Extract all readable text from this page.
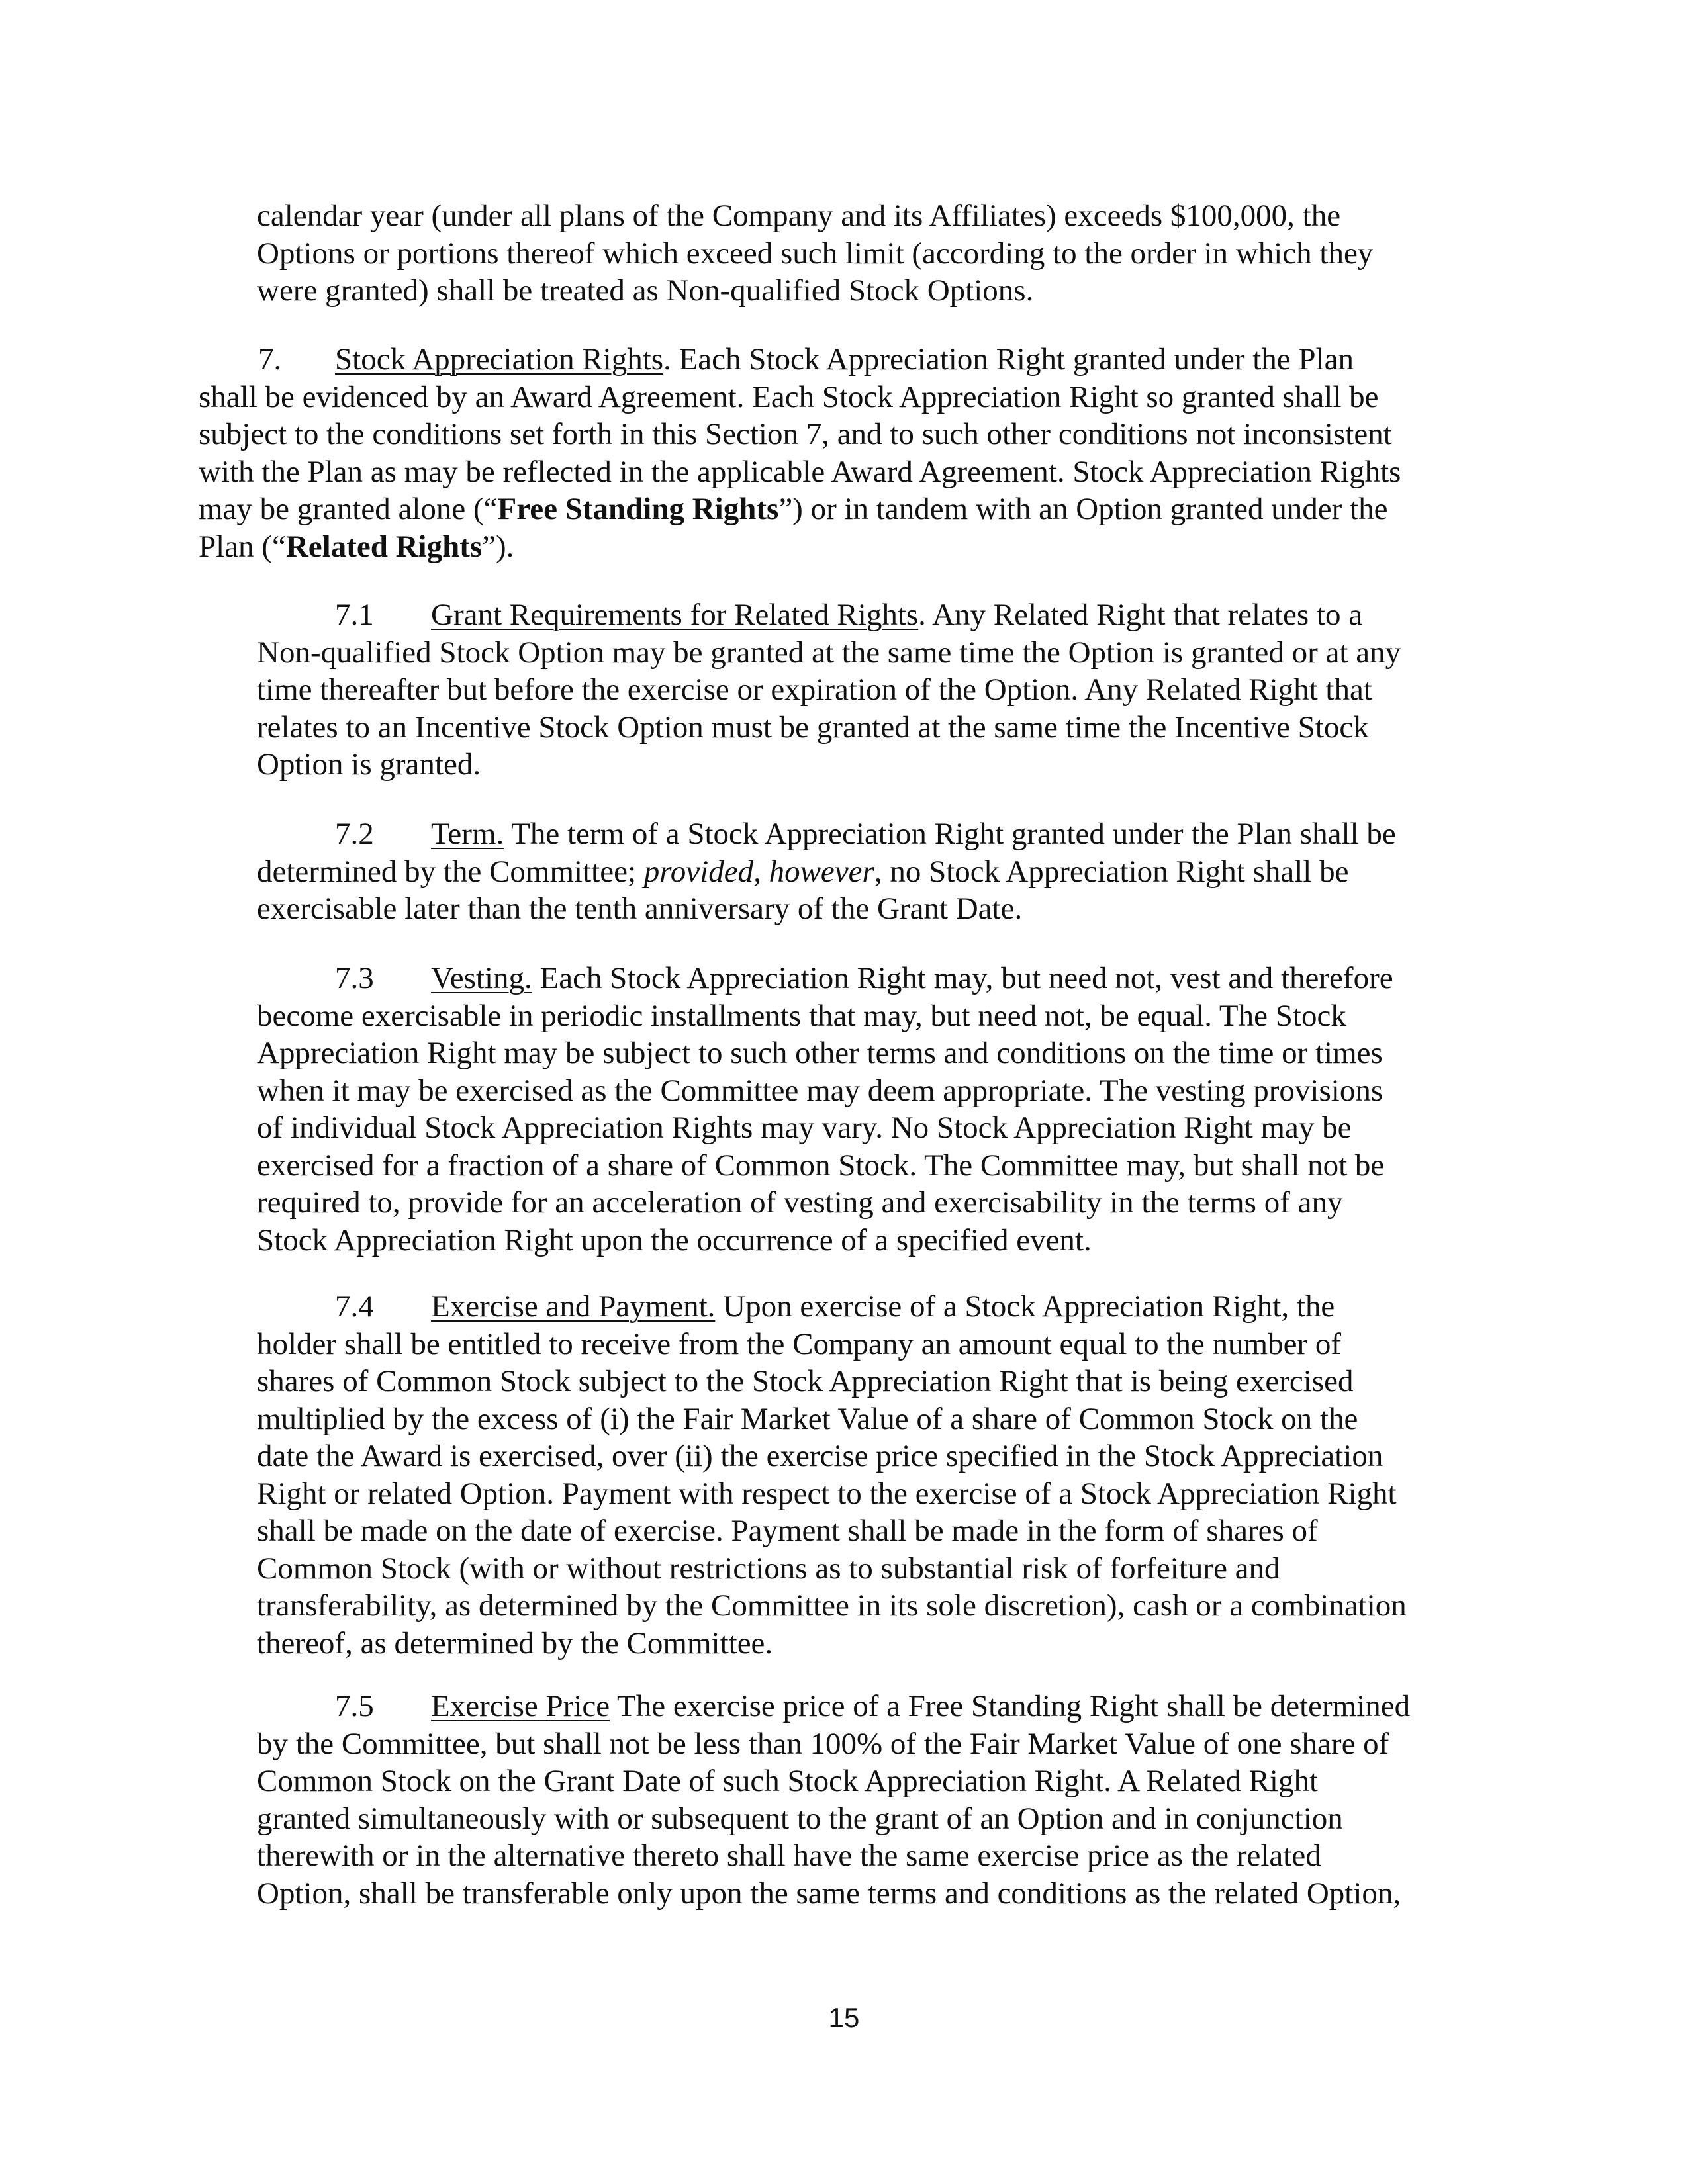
calendar year (under all plans of the Company and its Affiliates) exceeds $100,000, the
Options or portions thereof which exceed such limit (according to the order in which they
were granted) shall be treated as Non-qualified Stock Options.
7. Stock Appreciation Rights. Each Stock Appreciation Right granted under the Plan
shall be evidenced by an Award Agreement. Each Stock Appreciation Right so granted shall be
subject to the conditions set forth in this Section 7, and to such other conditions not inconsistent
with the Plan as may be reflected in the applicable Award Agreement. Stock Appreciation Rights
may be granted alone (“Free Standing Rights”) or in tandem with an Option granted under the
Plan (“Related Rights”).
7.1 Grant Requirements for Related Rights. Any Related Right that relates to a
Non-qualified Stock Option may be granted at the same time the Option is granted or at any
time thereafter but before the exercise or expiration of the Option. Any Related Right that
relates to an Incentive Stock Option must be granted at the same time the Incentive Stock
Option is granted.
7.2 Term. The term of a Stock Appreciation Right granted under the Plan shall be
determined by the Committee; provided, however, no Stock Appreciation Right shall be
exercisable later than the tenth anniversary of the Grant Date.
7.3 Vesting. Each Stock Appreciation Right may, but need not, vest and therefore
become exercisable in periodic installments that may, but need not, be equal. The Stock
Appreciation Right may be subject to such other terms and conditions on the time or times
when it may be exercised as the Committee may deem appropriate. The vesting provisions
of individual Stock Appreciation Rights may vary. No Stock Appreciation Right may be
exercised for a fraction of a share of Common Stock. The Committee may, but shall not be
required to, provide for an acceleration of vesting and exercisability in the terms of any
Stock Appreciation Right upon the occurrence of a specified event.
7.4 Exercise and Payment. Upon exercise of a Stock Appreciation Right, the
holder shall be entitled to receive from the Company an amount equal to the number of
shares of Common Stock subject to the Stock Appreciation Right that is being exercised
multiplied by the excess of (i) the Fair Market Value of a share of Common Stock on the
date the Award is exercised, over (ii) the exercise price specified in the Stock Appreciation
Right or related Option. Payment with respect to the exercise of a Stock Appreciation Right
shall be made on the date of exercise. Payment shall be made in the form of shares of
Common Stock (with or without restrictions as to substantial risk of forfeiture and
transferability, as determined by the Committee in its sole discretion), cash or a combination
thereof, as determined by the Committee.
7.5 Exercise Price The exercise price of a Free Standing Right shall be determined
by the Committee, but shall not be less than 100% of the Fair Market Value of one share of
Common Stock on the Grant Date of such Stock Appreciation Right. A Related Right
granted simultaneously with or subsequent to the grant of an Option and in conjunction
therewith or in the alternative thereto shall have the same exercise price as the related
Option, shall be transferable only upon the same terms and conditions as the related Option,
15
